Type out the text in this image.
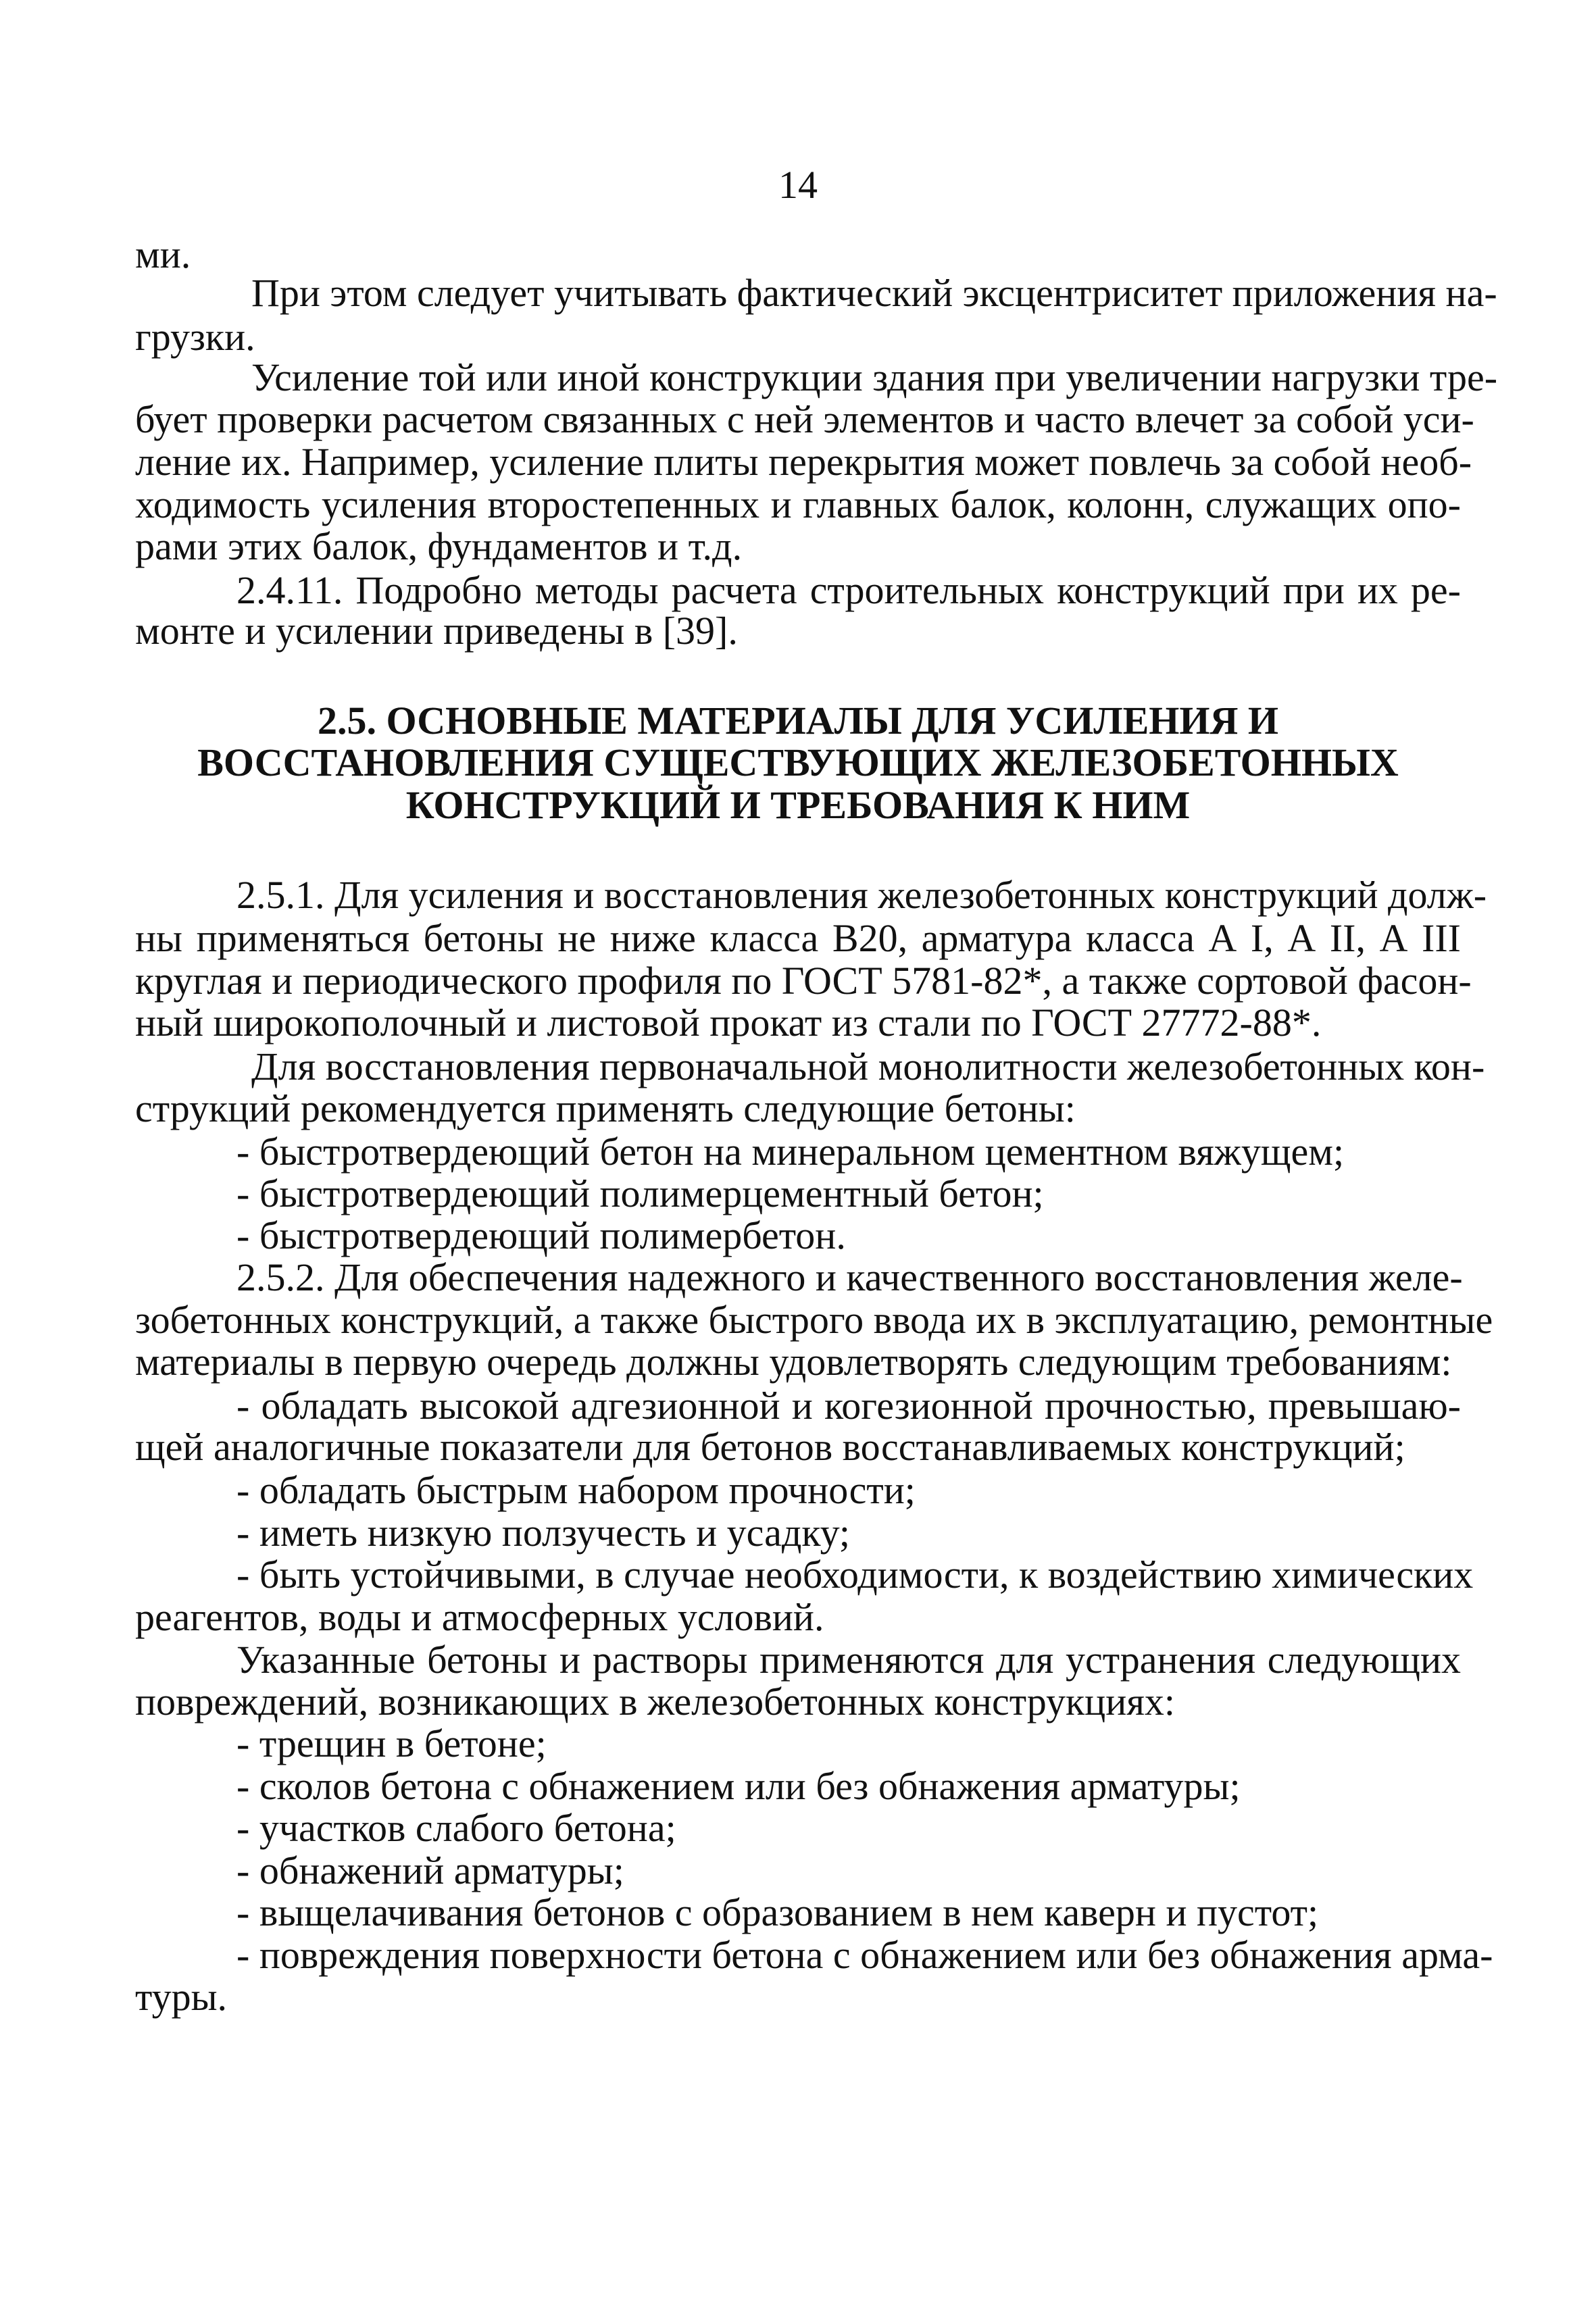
14
ми.
При этом следует учитывать фактический эксцентриситет приложения на-
грузки.
Усиление той или иной конструкции здания при увеличении нагрузки тре-
бует проверки расчетом связанных с ней элементов и часто влечет за собой уси-
ление их. Например, усиление плиты перекрытия может повлечь за собой необ-
ходимость усиления второстепенных и главных балок, колонн, служащих опо-
рами этих балок, фундаментов и т.д.
2.4.11. Подробно методы расчета строительных конструкций при их ре-
монте и усилении приведены в [39].
2.5. ОСНОВНЫЕ МАТЕРИАЛЫ ДЛЯ УСИЛЕНИЯ И
ВОССТАНОВЛЕНИЯ СУЩЕСТВУЮЩИХ ЖЕЛЕЗОБЕТОННЫХ
КОНСТРУКЦИЙ И ТРЕБОВАНИЯ К НИМ
2.5.1. Для усиления и восстановления железобетонных конструкций долж-
ны применяться бетоны не ниже класса В20, арматура класса А I, А II, А III
круглая и периодического профиля по ГОСТ 5781-82*, а также сортовой фасон-
ный широкополочный и листовой прокат из стали по ГОСТ 27772-88*.
Для восстановления первоначальной монолитности железобетонных кон-
струкций рекомендуется применять следующие бетоны:
- быстротвердеющий бетон на минеральном цементном вяжущем;
- быстротвердеющий полимерцементный бетон;
- быстротвердеющий полимербетон.
2.5.2. Для обеспечения надежного и качественного восстановления желе-
зобетонных конструкций, а также быстрого ввода их в эксплуатацию, ремонтные
материалы в первую очередь должны удовлетворять следующим требованиям:
- обладать высокой адгезионной и когезионной прочностью, превышаю-
щей аналогичные показатели для бетонов восстанавливаемых конструкций;
- обладать быстрым набором прочности;
- иметь низкую ползучесть и усадку;
- быть устойчивыми, в случае необходимости, к воздействию химических
реагентов, воды и атмосферных условий.
Указанные бетоны и растворы применяются для устранения следующих
повреждений, возникающих в железобетонных конструкциях:
- трещин в бетоне;
- сколов бетона с обнажением или без обнажения арматуры;
- участков слабого бетона;
- обнажений арматуры;
- выщелачивания бетонов с образованием в нем каверн и пустот;
- повреждения поверхности бетона с обнажением или без обнажения арма-
туры.
